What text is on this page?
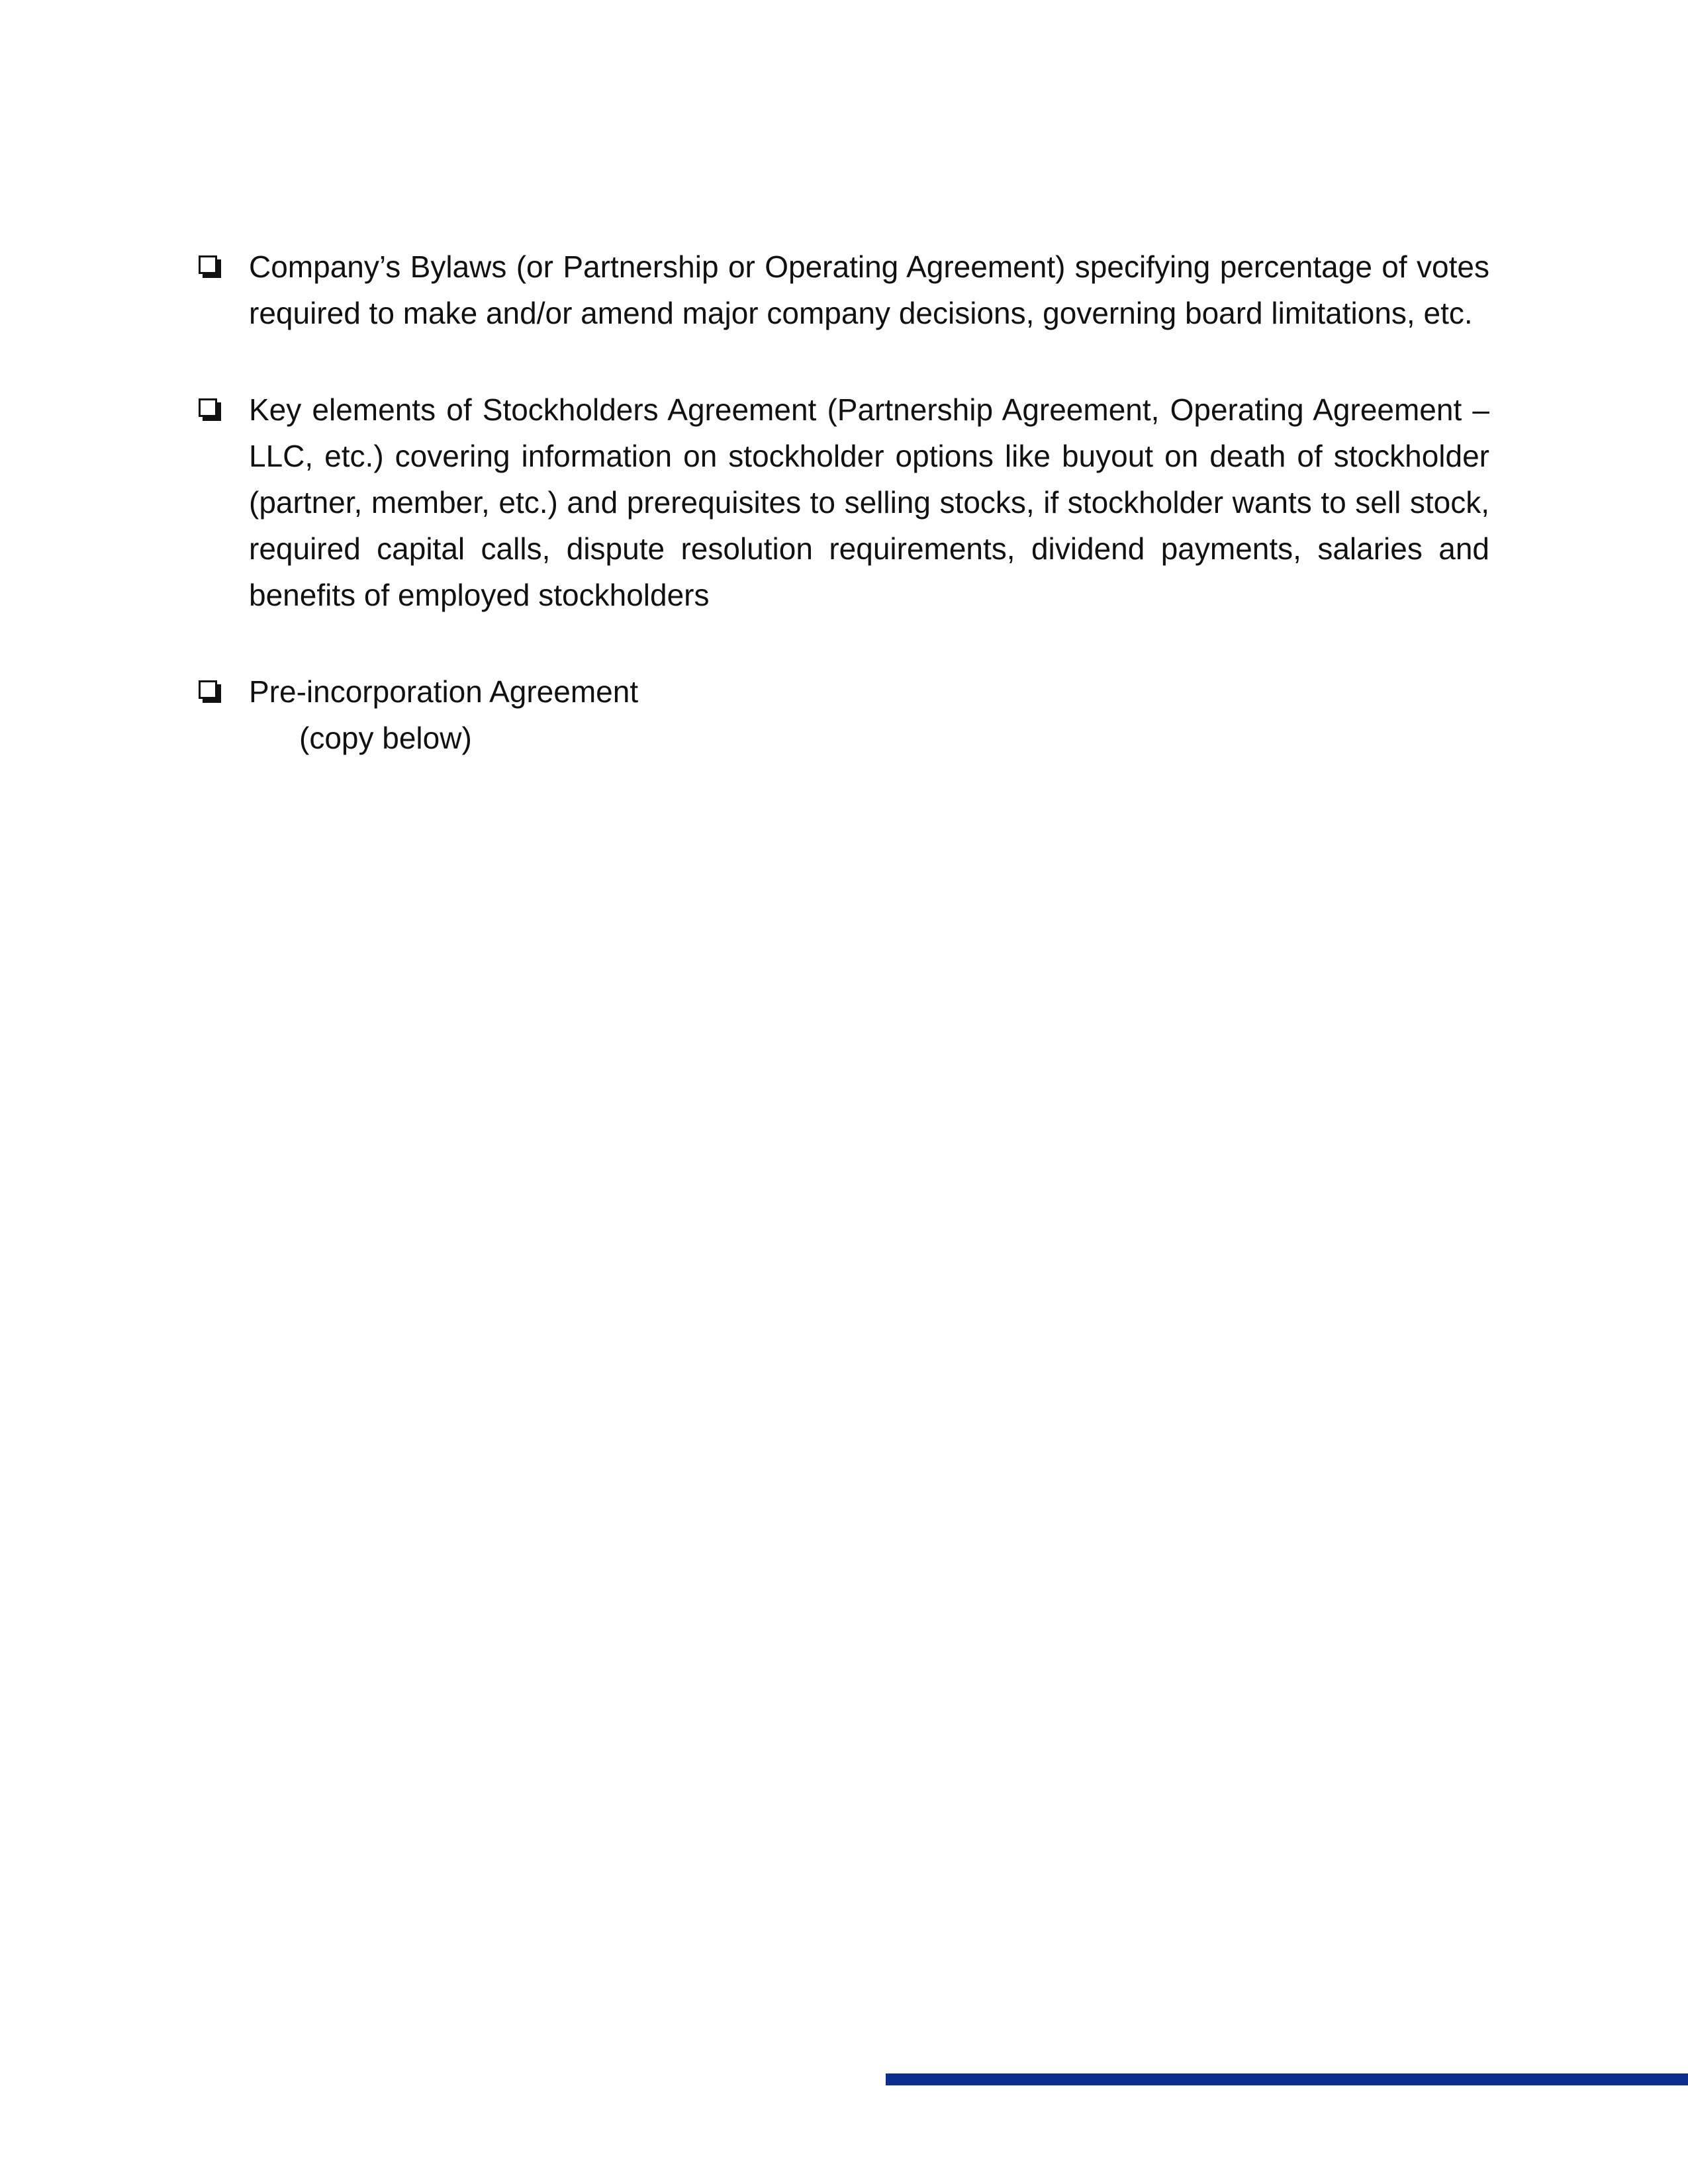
Company’s Bylaws (or Partnership or Operating Agreement) specifying percentage of votes required to make and/or amend major company decisions, governing board limitations, etc.
Key elements of Stockholders Agreement (Partnership Agreement, Operating Agreement – LLC, etc.) covering information on stockholder options like buyout on death of stockholder (partner, member, etc.) and prerequisites to selling stocks, if stockholder wants to sell stock, required capital calls, dispute resolution requirements, dividend payments, salaries and benefits of employed stockholders
Pre-incorporation Agreement
(copy below)
